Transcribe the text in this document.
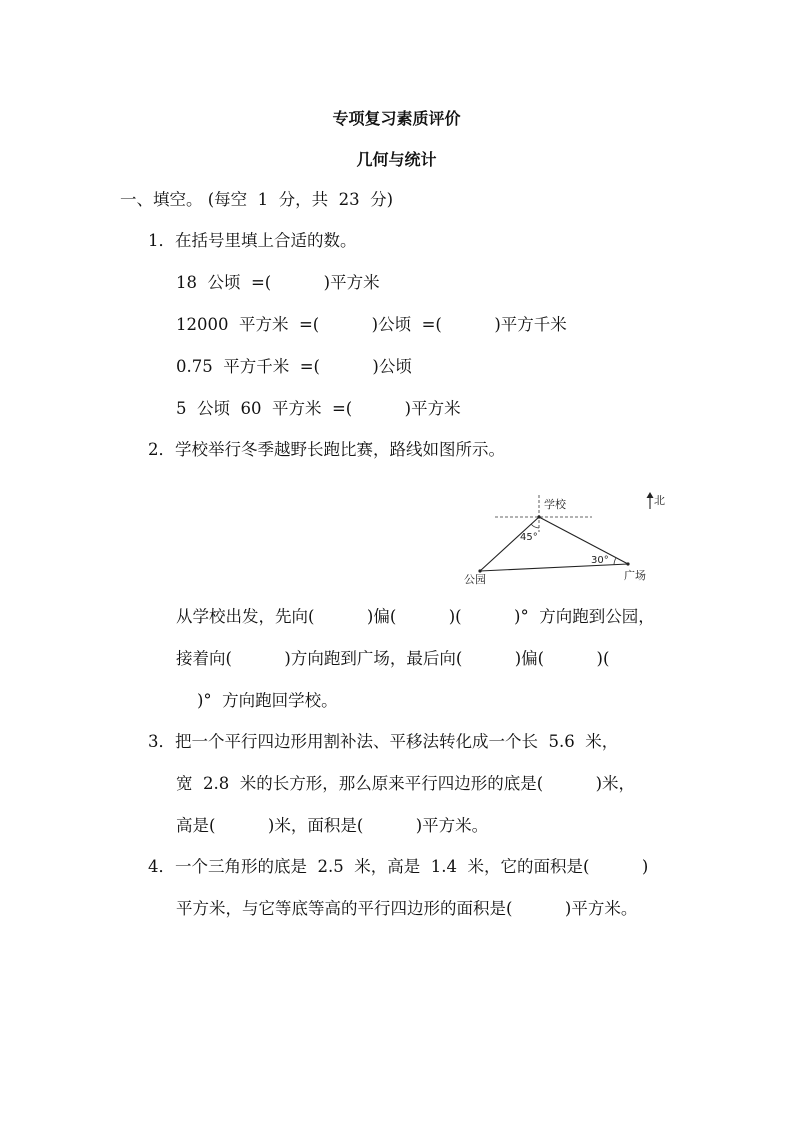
专项复习素质评价
几何与统计
一、填空。 (每空  1  分，共  23  分)
1．在括号里填上合适的数。
18  公顷  =(          )平方米
12000  平方米  =(          )公顷  =(          )平方千米
0.75  平方千米  =(          )公顷
5  公顷  60  平方米  =(          )平方米
2．学校举行冬季越野长跑比赛，路线如图所示。
学校
公园	广场
45°
30°
北
从学校出发，先向(          )偏(          )(          )°  方向跑到公园，
接着向(          )方向跑到广场，最后向(          )偏(          )(
)°  方向跑回学校。
3．把一个平行四边形用割补法、平移法转化成一个长  5.6  米，
宽  2.8  米的长方形，那么原来平行四边形的底是(          )米，
高是(          )米，面积是(          )平方米。
4．一个三角形的底是  2.5  米，高是  1.4  米，它的面积是(          )
平方米，与它等底等高的平行四边形的面积是(          )平方米。
